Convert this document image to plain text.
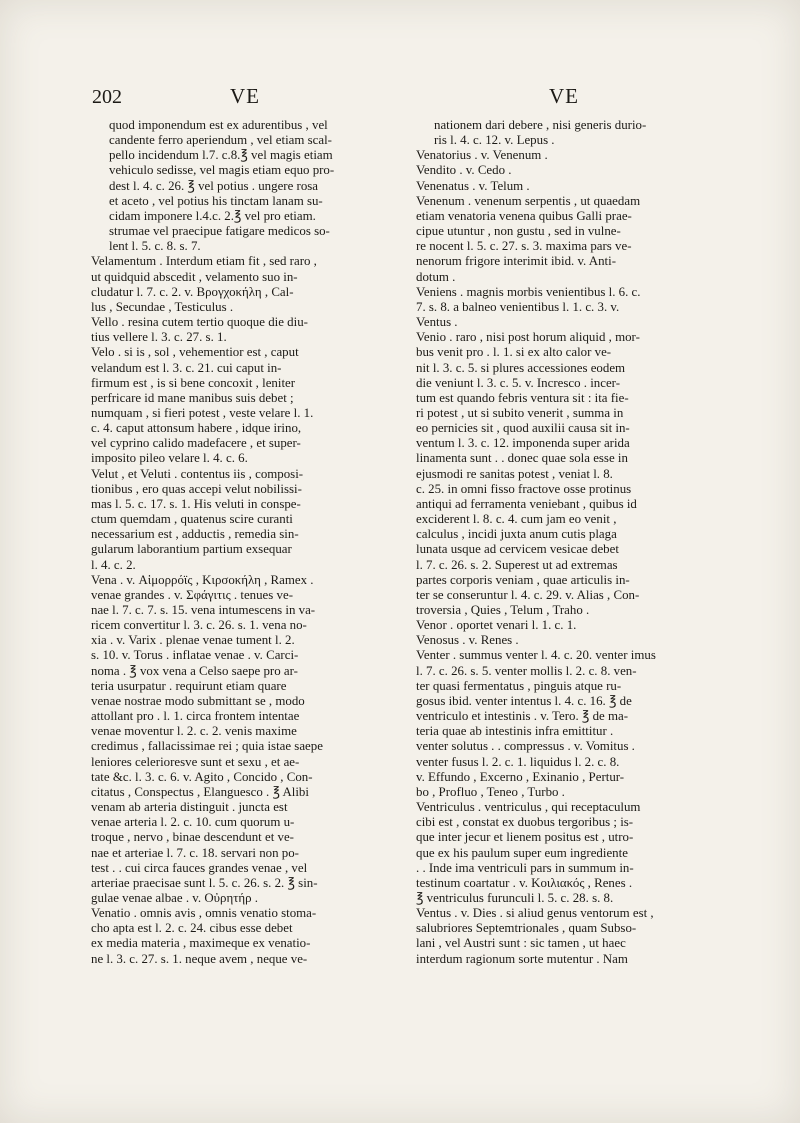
202	VE	VE
quod imponendum est ex adurentibus , vel
candente ferro aperiendum , vel etiam scal-
pello incidendum l.7. c.8.℥ vel magis etiam
vehiculo sedisse, vel magis etiam equo pro-
dest l. 4. c. 26. ℥ vel potius . ungere rosa
et aceto , vel potius his tinctam lanam su-
cidam imponere l.4.c. 2.℥ vel pro etiam.
strumae vel praecipue fatigare medicos so-
lent l. 5. c. 8. s. 7.
Velamentum . Interdum etiam fit , sed raro ,
ut quidquid abscedit , velamento suo in-
cludatur l. 7. c. 2. v. Βρογχοκήλη , Cal-
lus , Secundae , Testiculus .
Vello . resina cutem tertio quoque die diu-
tius vellere l. 3. c. 27. s. 1.
Velo . si is , sol , vehementior est , caput
velandum est l. 3. c. 21. cui caput in-
firmum est , is si bene concoxit , leniter
perfricare id mane manibus suis debet ;
numquam , si fieri potest , veste velare l. 1.
c. 4. caput attonsum habere , idque irino,
vel cyprino calido madefacere , et super-
imposito pileo velare l. 4. c. 6.
Velut , et Veluti . contentus iis , composi-
tionibus , ero quas accepi velut nobilissi-
mas l. 5. c. 17. s. 1. His veluti in conspe-
ctum quemdam , quatenus scire curanti
necessarium est , adductis , remedia sin-
gularum laborantium partium exsequar
l. 4. c. 2.
Vena . v. Αἱμορρόϊς , Κιρσοκήλη , Ramex .
venae grandes . v. Σφάγιτις . tenues ve-
nae l. 7. c. 7. s. 15. vena intumescens in va-
ricem convertitur l. 3. c. 26. s. 1. vena no-
xia . v. Varix . plenae venae tument l. 2.
s. 10. v. Torus . inflatae venae . v. Carci-
noma . ℥ vox vena a Celso saepe pro ar-
teria usurpatur . requirunt etiam quare
venae nostrae modo submittant se , modo
attollant pro . l. 1. circa frontem intentae
venae moventur l. 2. c. 2. venis maxime
credimus , fallacissimae rei ; quia istae saepe
leniores celerioresve sunt et sexu , et ae-
tate &c. l. 3. c. 6. v. Agito , Concido , Con-
citatus , Conspectus , Elanguesco . ℥ Alibi
venam ab arteria distinguit . juncta est
venae arteria l. 2. c. 10. cum quorum u-
troque , nervo , binae descendunt et ve-
nae et arteriae l. 7. c. 18. servari non po-
test . . cui circa fauces grandes venae , vel
arteriae praecisae sunt l. 5. c. 26. s. 2. ℥ sin-
gulae venae albae . v. Οὐρητήρ .
Venatio . omnis avis , omnis venatio stoma-
cho apta est l. 2. c. 24. cibus esse debet
ex media materia , maximeque ex venatio-
ne l. 3. c. 27. s. 1. neque avem , neque ve-
nationem dari debere , nisi generis durio-
ris l. 4. c. 12. v. Lepus .
Venatorius . v. Venenum .
Vendito . v. Cedo .
Venenatus . v. Telum .
Venenum . venenum serpentis , ut quaedam
etiam venatoria venena quibus Galli prae-
cipue utuntur , non gustu , sed in vulne-
re nocent l. 5. c. 27. s. 3. maxima pars ve-
nenorum frigore interimit ibid. v. Anti-
dotum .
Veniens . magnis morbis venientibus l. 6. c.
7. s. 8. a balneo venientibus l. 1. c. 3. v.
Ventus .
Venio . raro , nisi post horum aliquid , mor-
bus venit pro . l. 1. si ex alto calor ve-
nit l. 3. c. 5. si plures accessiones eodem
die veniunt l. 3. c. 5. v. Incresco . incer-
tum est quando febris ventura sit : ita fie-
ri potest , ut si subito venerit , summa in
eo pernicies sit , quod auxilii causa sit in-
ventum l. 3. c. 12. imponenda super arida
linamenta sunt . . donec quae sola esse in
ejusmodi re sanitas potest , veniat l. 8.
c. 25. in omni fisso fractove osse protinus
antiqui ad ferramenta veniebant , quibus id
exciderent l. 8. c. 4. cum jam eo venit ,
calculus , incidi juxta anum cutis plaga
lunata usque ad cervicem vesicae debet
l. 7. c. 26. s. 2. Superest ut ad extremas
partes corporis veniam , quae articulis in-
ter se conseruntur l. 4. c. 29. v. Alias , Con-
troversia , Quies , Telum , Traho .
Venor . oportet venari l. 1. c. 1.
Venosus . v. Renes .
Venter . summus venter l. 4. c. 20. venter imus
l. 7. c. 26. s. 5. venter mollis l. 2. c. 8. ven-
ter quasi fermentatus , pinguis atque ru-
gosus ibid. venter intentus l. 4. c. 16. ℥ de
ventriculo et intestinis . v. Tero. ℥ de ma-
teria quae ab intestinis infra emittitur .
venter solutus . . compressus . v. Vomitus .
venter fusus l. 2. c. 1. liquidus l. 2. c. 8.
v. Effundo , Excerno , Exinanio , Pertur-
bo , Profluo , Teneo , Turbo .
Ventriculus . ventriculus , qui receptaculum
cibi est , constat ex duobus tergoribus ; is-
que inter jecur et lienem positus est , utro-
que ex his paulum super eum ingrediente
. . Inde ima ventriculi pars in summum in-
testinum coartatur . v. Κοιλιακός , Renes .
℥ ventriculus furunculi l. 5. c. 28. s. 8.
Ventus . v. Dies . si aliud genus ventorum est ,
salubriores Septemtrionales , quam Subso-
lani , vel Austri sunt : sic tamen , ut haec
interdum ragionum sorte mutentur . Nam
